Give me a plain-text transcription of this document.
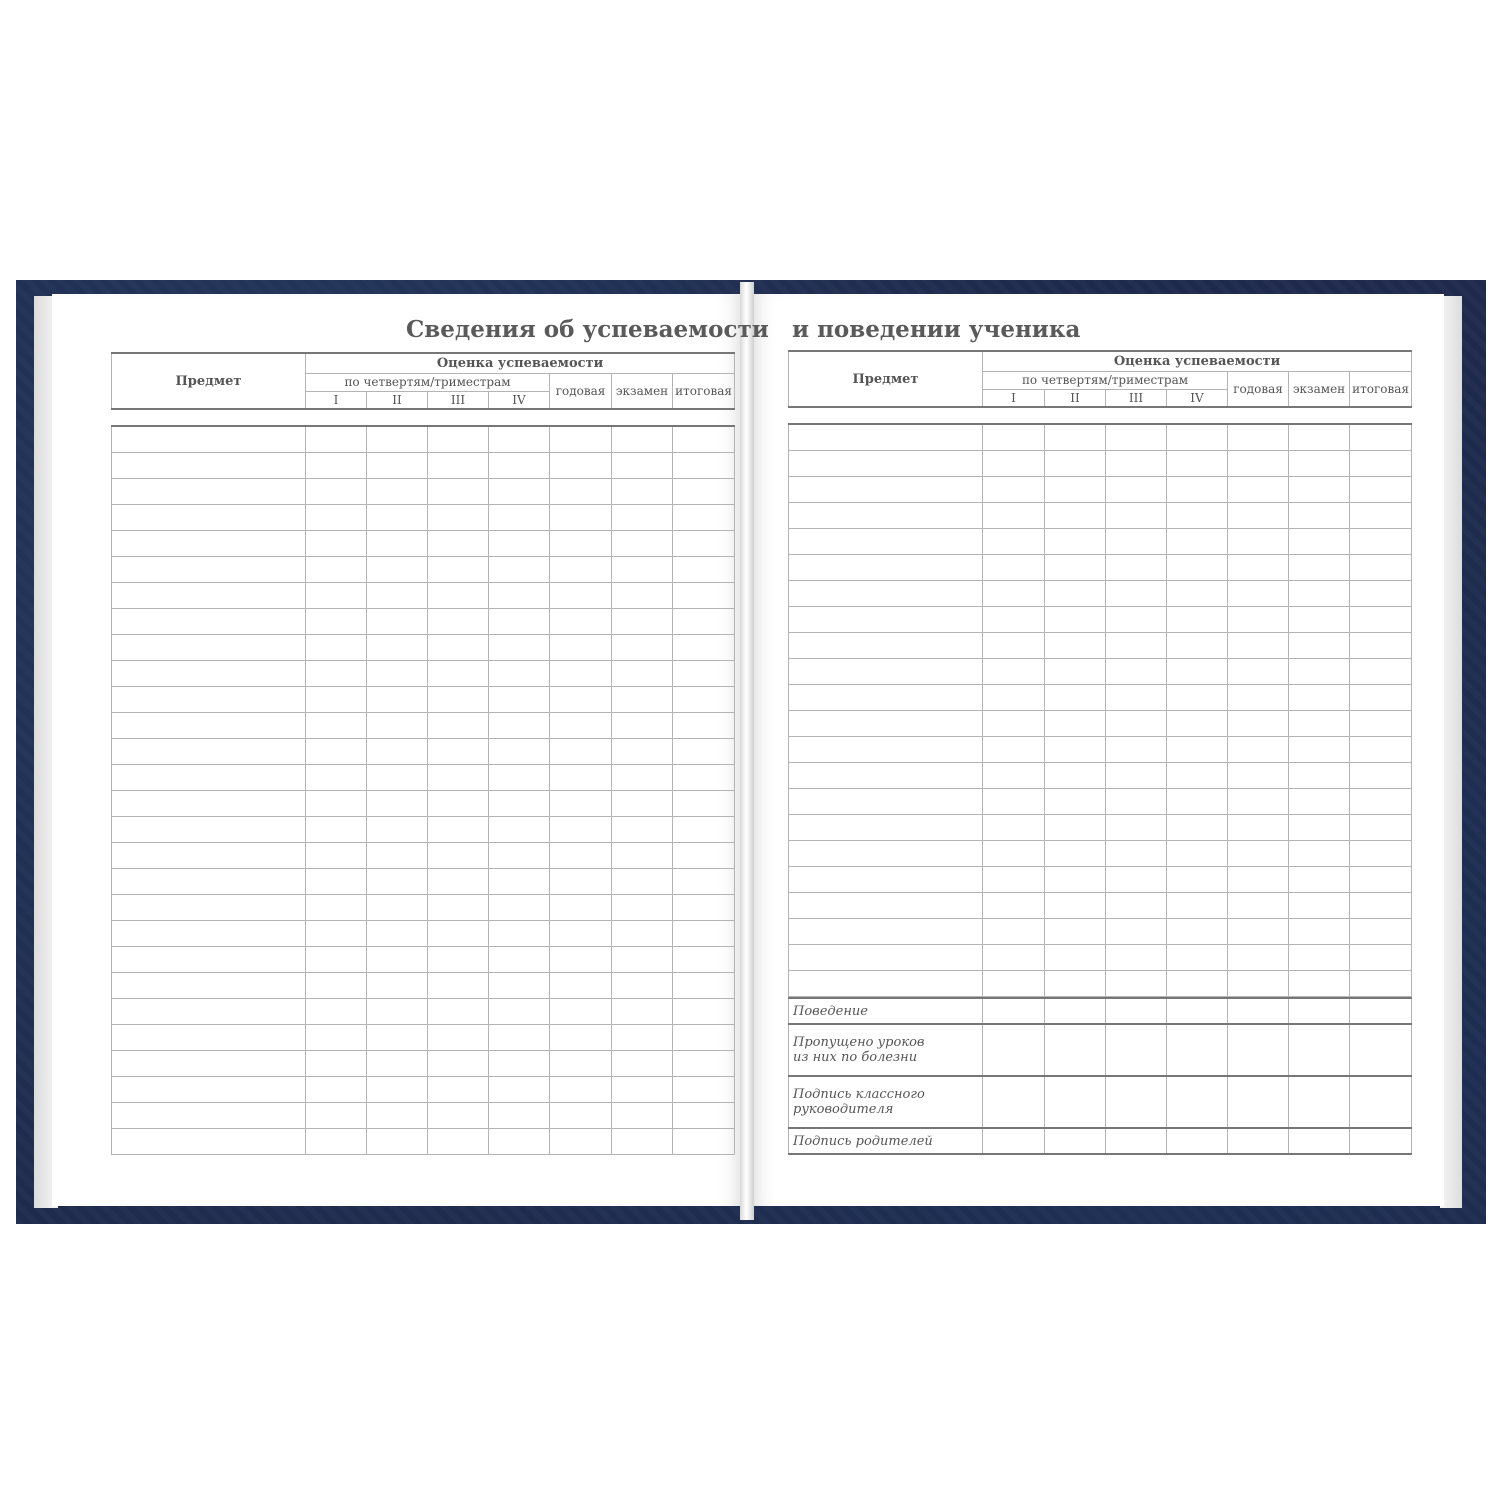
Сведения об успеваемости и поведении ученика
Предмет	Оценка успеваемости						
	по четвертям/триместрам				годовая	экзамен	итоговая
	I	II	III	IV			

Предмет	Оценка успеваемости						
	по четвертям/триместрам				годовая	экзамен	итоговая
	I	II	III	IV			

Поведение							
Пропущено уроков
из них по болезни							
Подпись классного
руководителя							
Подпись родителей							
